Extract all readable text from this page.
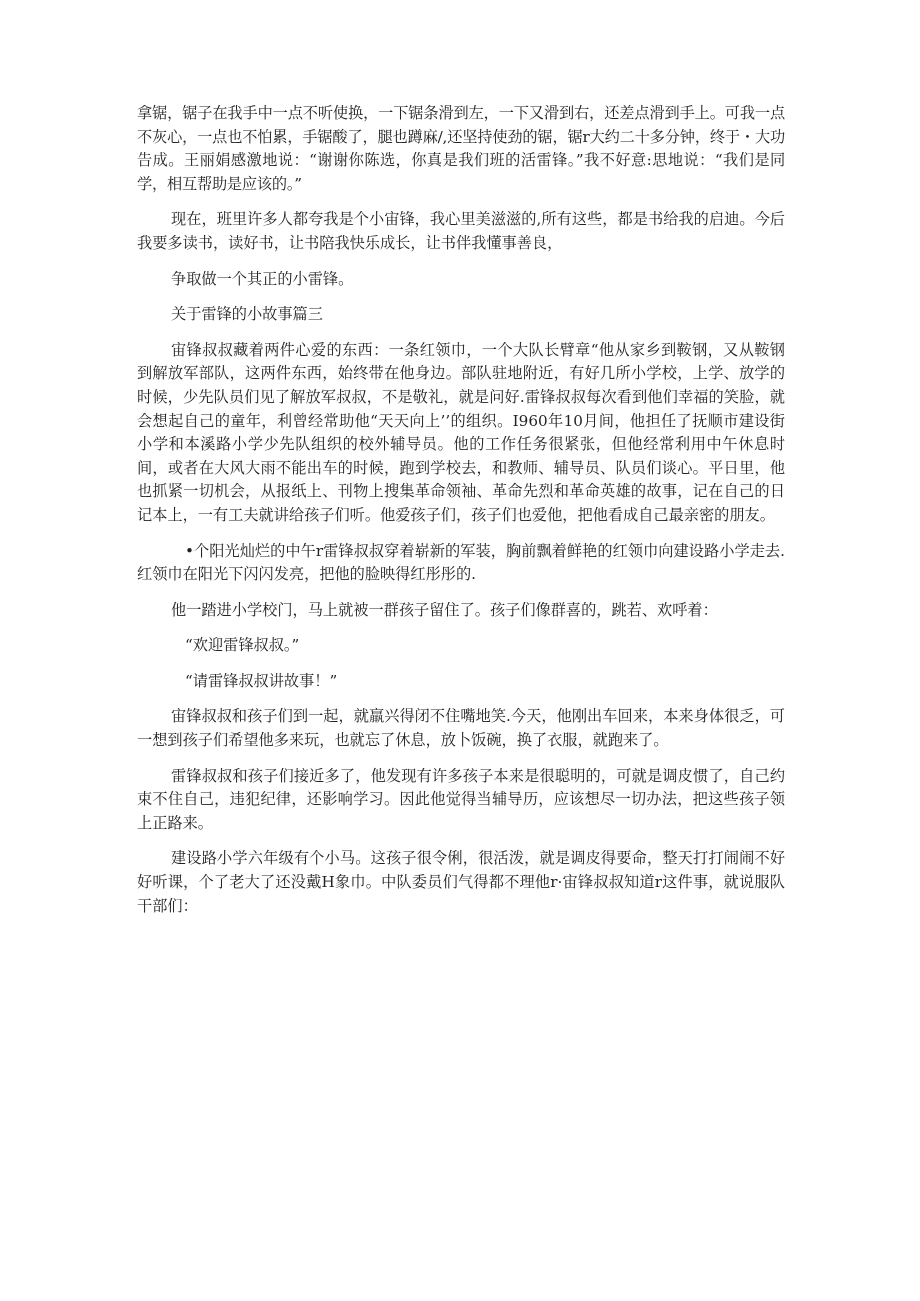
拿锯，锯子在我手中一点不听使换，一下锯条滑到左，一下又滑到右，还差点滑到手上。可我一点不灰心，一点也不怕累，手锯酸了，腿也蹲麻/,还坚持使劲的锯，锯r大约二十多分钟，终于・大功告成。王丽娟感激地说：“谢谢你陈选，你真是我们班的活雷锋。”我不好意:思地说：“我们是同学，相互帮助是应该的。”

现在，班里许多人都夸我是个小宙锋，我心里美滋滋的,所有这些，都是书给我的启迪。今后我要多读书，读好书，让书陪我快乐成长，让书伴我懂事善良，

争取做一个其正的小雷锋。

关于雷锋的小故事篇三

宙锋叔叔藏着两件心爱的东西：一条红领巾，一个大队长臂章“他从家乡到鞍钢，又从鞍钢到解放军部队，这两件东西，始终带在他身边。部队驻地附近，有好几所小学校，上学、放学的时候，少先队员们见了解放军叔叔，不是敬礼，就是问好.雷锋叔叔每次看到他们幸福的笑脸，就会想起自己的童年，利曾经常助他“天天向上’’的组织。I960年10月间，他担任了抚顺市建设街小学和本溪路小学少先队组织的校外辅导员。他的工作任务很紧张，但他经常利用中午休息时间，或者在大风大雨不能出车的时候，跑到学校去，和教师、辅导员、队员们谈心。平日里，他也抓紧一切机会，从报纸上、刊物上搜集革命领袖、革命先烈和革命英雄的故事，记在自己的日记本上，一有工夫就讲给孩子们听。他爱孩子们，孩子们也爱他，把他看成自己最亲密的朋友。

•个阳光灿烂的中午r雷锋叔叔穿着崭新的军装，胸前飘着鲜艳的红领巾向建设路小学走去.红领巾在阳光下闪闪发亮，把他的脸映得红彤彤的.

他一踏进小学校门，马上就被一群孩子留住了。孩子们像群喜的，跳若、欢呼着：

“欢迎雷锋叔叔。”

“请雷锋叔叔讲故事！”

宙锋叔叔和孩子们到一起，就羸兴得闭不住嘴地笑.今天，他刚出车回来，本来身体很乏，可一想到孩子们希望他多来玩，也就忘了休息，放卜饭碗，换了衣服，就跑来了。

雷锋叔叔和孩子们接近多了，他发现有许多孩子本来是很聪明的，可就是调皮惯了，自己约束不住自己，违犯纪律，还影响学习。因此他觉得当辅导历，应该想尽一切办法，把这些孩子领上正路来。

建设路小学六年级有个小马。这孩子很令俐，很活泼，就是调皮得要命，整天打打闹闹不好好听课，个了老大了还没戴H象巾。中队委员们气得都不理他r·宙锋叔叔知道r这件事，就说服队干部们：
